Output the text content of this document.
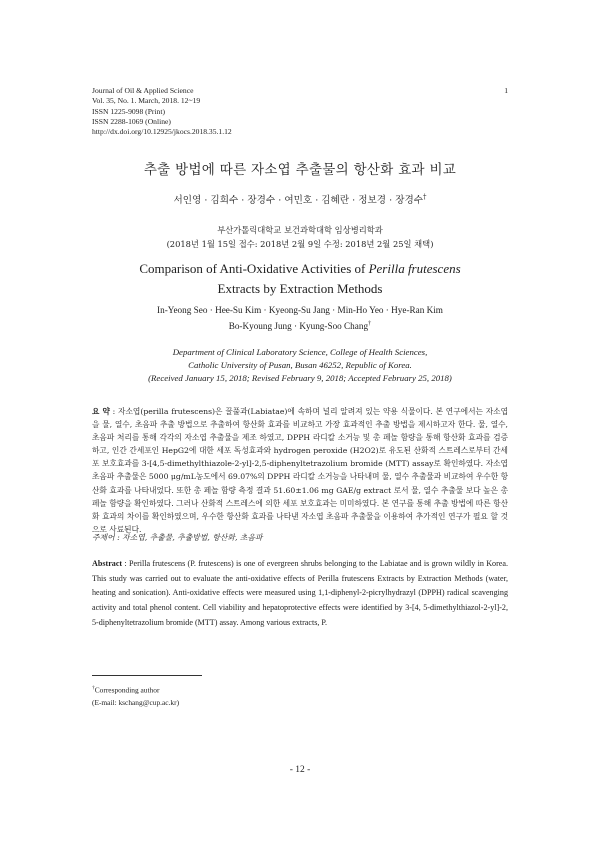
Journal of Oil & Applied Science
Vol. 35, No. 1. March, 2018. 12~19
ISSN 1225-9098 (Print)
ISSN 2288-1069 (Online)
http://dx.doi.org/10.12925/jkocs.2018.35.1.12
1
추출 방법에 따른 자소엽 추출물의 항산화 효과 비교
서인영 · 김희수 · 장경수 · 여민호 · 김혜란 · 정보경 · 장경수†
부산가톨릭대학교 보건과학대학 임상병리학과
(2018년 1월 15일 접수: 2018년 2월 9일 수정: 2018년 2월 25일 채택)
Comparison of Anti-Oxidative Activities of Perilla frutescens
Extracts by Extraction Methods
In-Yeong Seo · Hee-Su Kim · Kyeong-Su Jang · Min-Ho Yeo · Hye-Ran Kim
Bo-Kyoung Jung · Kyung-Soo Chang†
Department of Clinical Laboratory Science, College of Health Sciences,
Catholic University of Pusan, Busan 46252, Republic of Korea.
(Received January 15, 2018; Revised February 9, 2018; Accepted February 25, 2018)
요 약 : 자소엽(perilla frutescens)은 꿀풀과(Labiatae)에 속하며 널리 알려져 있는 약용 식물이다. 본 연구에서는 자소엽을 물, 열수, 초음파 추출 방법으로 추출하여 항산화 효과를 비교하고 가장 효과적인 추출 방법을 제시하고자 한다. 물, 열수, 초음파 처리를 통해 각각의 자소엽 추출물을 제조 하였고, DPPH 라디칼 소거능 및 총 페놀 함량을 통해 항산화 효과를 검증하고, 인간 간세포인 HepG2에 대한 세포 독성효과와 hydrogen peroxide (H2O2)로 유도된 산화적 스트레스로부터 간세포 보호효과를 3-[4,5-dimethylthiazole-2-yl]-2,5-diphenyltetrazolium bromide (MTT) assay로 확인하였다. 자소엽 초음파 추출물은 5000 μg/mL농도에서 69.07%의 DPPH 라디칼 소거능을 나타내며 물, 열수 추출물과 비교하여 우수한 항산화 효과를 나타내었다. 또한 총 페놀 함량 측정 결과 51.60±1.06 mg GAE/g extract 로서 물, 열수 추출물 보다 높은 총 페놀 함량을 확인하였다. 그러나 산화적 스트레스에 의한 세포 보호효과는 미미하였다. 본 연구를 통해 추출 방법에 따른 항산화 효과의 차이를 확인하였으며, 우수한 항산화 효과를 나타낸 자소엽 초음파 추출물을 이용하여 추가적인 연구가 필요 할 것으로 사료된다.
주제어 : 자소엽, 추출물, 추출방법, 항산화, 초음파
Abstract : Perilla frutescens (P. frutescens) is one of evergreen shrubs belonging to the Labiatae and is grown wildly in Korea. This study was carried out to evaluate the anti-oxidative effects of Perilla frutescens Extracts by Extraction Methods (water, heating and sonication). Anti-oxidative effects were measured using 1,1-diphenyl-2-picrylhydrazyl (DPPH) radical scavenging activity and total phenol content. Cell viability and hepatoprotective effects were identified by 3-[4, 5-dimethylthiazol-2-yl]-2, 5-diphenyltetrazolium bromide (MTT) assay. Among various extracts, P.
†Corresponding author
(E-mail: kschang@cup.ac.kr)
- 12 -
